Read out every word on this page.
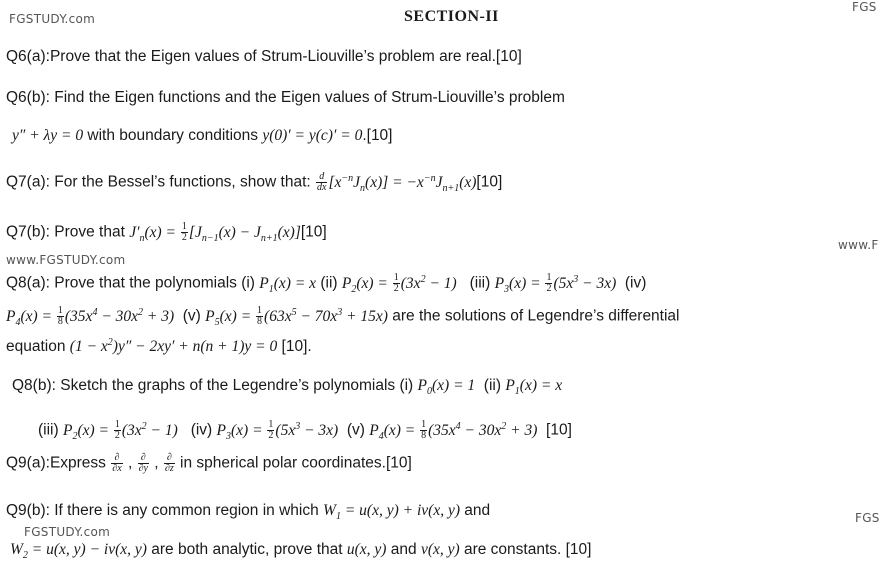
FGSTUDY.com
FGS
SECTION-II
Q6(a):Prove that the Eigen values of Strum-Liouville’s problem are real.[10]
Q6(b): Find the Eigen functions and the Eigen values of Strum-Liouville’s problem
y″ + λy = 0 with boundary conditions y(0)′ = y(c)′ = 0.[10]
Q7(a): For the Bessel’s functions, show that: $\frac{d}{dx} [x^{-n}J_n(x)] = -x^{-n}J_{n+1}(x)[10]$
Q7(b): Prove that $J'_n(x) = \frac{1}{2} [J_{n-1}(x) - J_{n+1}(x)][10]$
www.FGSTUDY.com
www.F
Q8(a): Prove that the polynomials (i) $P_1(x) = x$ (ii) $P_2(x) = \frac{1}{2} (3x^2 - 1)$   (iii) $P_3(x) = \frac{1}{2} (5x^3 - 3x)$  (iv)
$P_4(x) = \frac{1}{8} (35x^4 - 30x^2 + 3)$  (v) $P_5(x) = \frac{1}{8} (63x^5 - 70x^3 + 15x)$ are the solutions of Legendre’s differential
equation $(1 - x^2)y'' - 2xy' + n(n + 1)y = 0$ [10].
Q8(b): Sketch the graphs of the Legendre’s polynomials (i) $P_0(x) = 1$  (ii) $P_1(x) = x$
(iii) $P_2(x) = \frac{1}{2} (3x^2 - 1)$   (iv) $P_3(x) = \frac{1}{2} (5x^3 - 3x)$  (v) $P_4(x) = \frac{1}{8} (35x^4 - 30x^2 + 3)$ [10]
Q9(a):Express $\frac{\partial}{\partial x}$ , $\frac{\partial}{\partial y}$ , $\frac{\partial}{\partial z}$ in spherical polar coordinates.[10]
Q9(b): If there is any common region in which $W_1 = u(x$, y) + iv(x, y) and
FGSTUDY.com
FGS
$W_2 = u(x$, y) − iv(x, y) are both analytic, prove that u(x, y) and v(x, y) are constants. [10]
